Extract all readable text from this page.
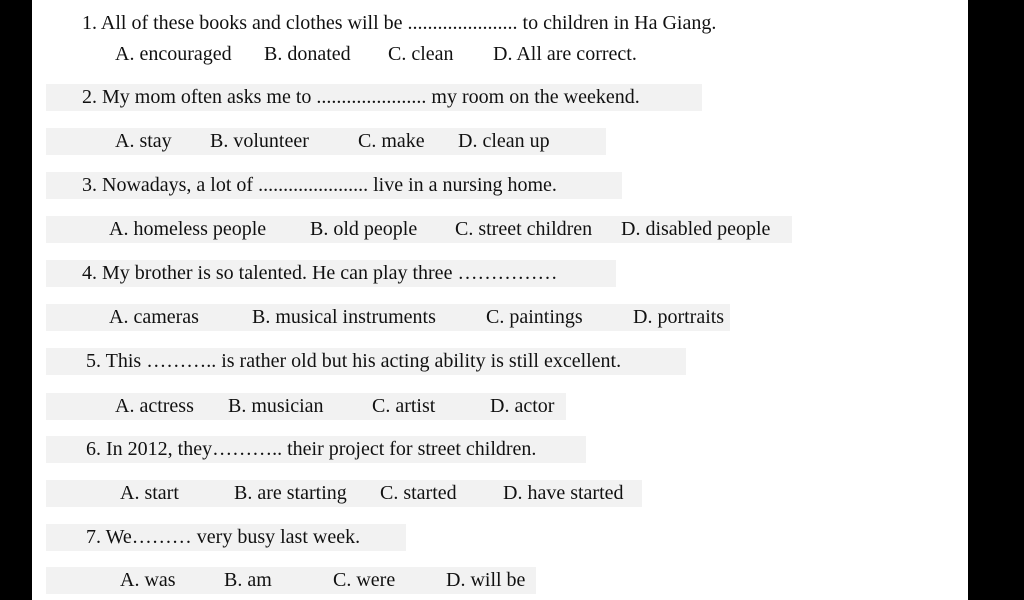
1. All of these books and clothes will be ...................... to children in Ha Giang.
A. encouraged B. donated C. clean D. All are correct.
2. My mom often asks me to ...................... my room on the weekend.
A. stay B. volunteer C. make D. clean up
3. Nowadays, a lot of ...................... live in a nursing home.
A. homeless people B. old people C. street children D. disabled people
4. My brother is so talented. He can play three ……………
A. cameras	B. musical instruments	C. paintings	D. portraits
5. This ……….. is rather old but his acting ability is still excellent.
A. actress B. musician C. artist	D. actor
6. In 2012, they……….. their project for street children.
A. start	B. are starting C. started D. have started
7. We……… very busy last week.
A. was B. am	C. were	D. will be
